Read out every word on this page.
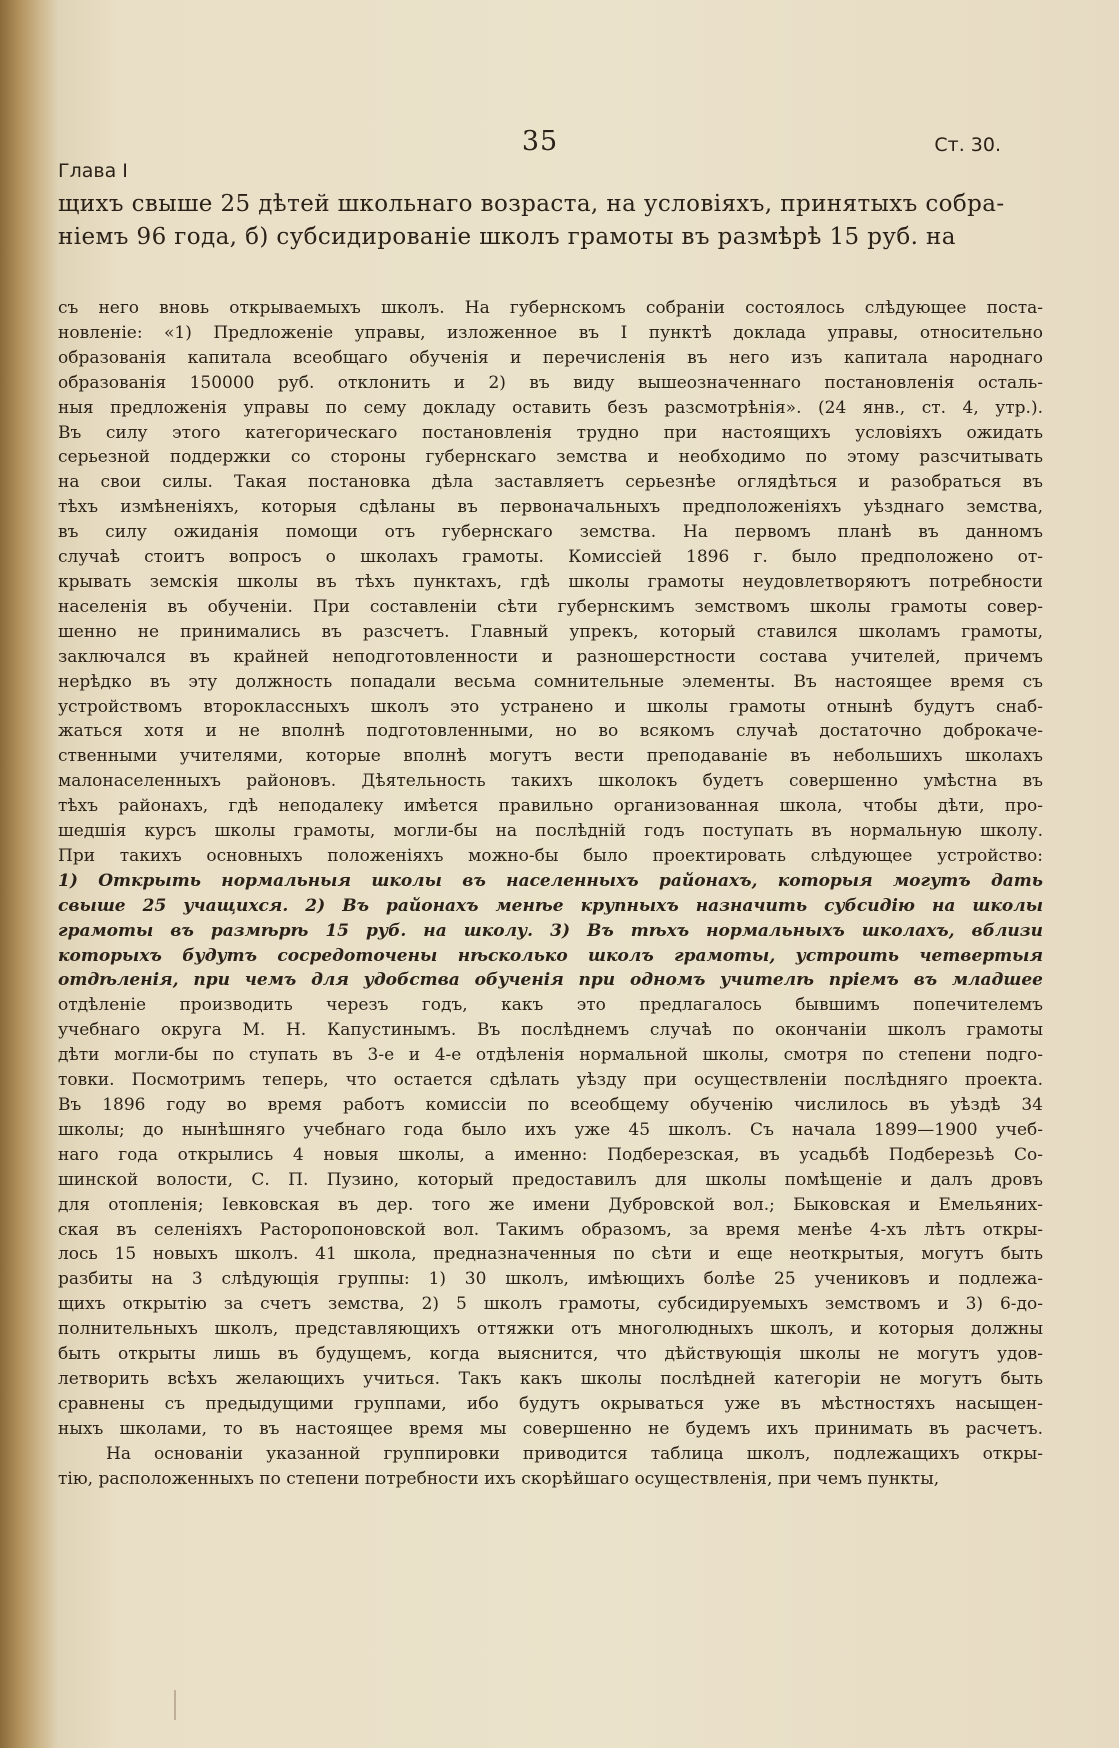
35	Ст. 30.
Глава I
щихъ свыше 25 дѣтей школьнаго возраста, на условіяхъ, принятыхъ собра-
ніемъ 96 года, б) субсидированіе школъ грамоты въ размѣрѣ 15 руб. на
съ него вновь открываемыхъ школъ. На губернскомъ собраніи состоялось слѣдующее поста-
новленіе: «1) Предложеніе управы, изложенное въ I пунктѣ доклада управы, относительно
образованія капитала всеобщаго обученія и перечисленія въ него изъ капитала народнаго
образованія 150000 руб. отклонить и 2) въ виду вышеозначеннаго постановленія осталь-
ныя предложенія управы по сему докладу оставить безъ разсмотрѣнія». (24 янв., ст. 4, утр.).
Въ силу этого категорическаго постановленія трудно при настоящихъ условіяхъ ожидать
серьезной поддержки со стороны губернскаго земства и необходимо по этому разсчитывать
на свои силы. Такая постановка дѣла заставляетъ серьезнѣе оглядѣться и разобраться въ
тѣхъ измѣненіяхъ, которыя сдѣланы въ первоначальныхъ предположеніяхъ уѣзднаго земства,
въ силу ожиданія помощи отъ губернскаго земства. На первомъ планѣ въ данномъ
случаѣ стоитъ вопросъ о школахъ грамоты. Комиссіей 1896 г. было предположено от-
крывать земскія школы въ тѣхъ пунктахъ, гдѣ школы грамоты неудовлетворяютъ потребности
населенія въ обученіи. При составленіи сѣти губернскимъ земствомъ школы грамоты совер-
шенно не принимались въ разсчетъ. Главный упрекъ, который ставился школамъ грамоты,
заключался въ крайней неподготовленности и разношерстности состава учителей, причемъ
нерѣдко въ эту должность попадали весьма сомнительные элементы. Въ настоящее время съ
устройствомъ второклассныхъ школъ это устранено и школы грамоты отнынѣ будутъ снаб-
жаться хотя и не вполнѣ подготовленными, но во всякомъ случаѣ достаточно доброкаче-
ственными учителями, которые вполнѣ могутъ вести преподаваніе въ небольшихъ школахъ
малонаселенныхъ районовъ. Дѣятельность такихъ школокъ будетъ совершенно умѣстна въ
тѣхъ районахъ, гдѣ неподалеку имѣется правильно организованная школа, чтобы дѣти, про-
шедшія курсъ школы грамоты, могли-бы на послѣдній годъ поступать въ нормальную школу.
При такихъ основныхъ положеніяхъ можно-бы было проектировать слѣдующее устройство:
1) Открыть нормальныя школы въ населенныхъ районахъ, которыя могутъ дать
свыше 25 учащихся. 2) Въ районахъ менѣе крупныхъ назначить субсидію на школы
грамоты въ размѣрѣ 15 руб. на школу. 3) Въ тѣхъ нормальныхъ школахъ, вблизи
которыхъ будутъ сосредоточены нѣсколько школъ грамоты, устроить четвертыя
отдѣленія, при чемъ для удобства обученія при одномъ учителѣ пріемъ въ младшее
отдѣленіе производить черезъ годъ, какъ это предлагалось бывшимъ попечителемъ
учебнаго округа М. Н. Капустинымъ. Въ послѣднемъ случаѣ по окончаніи школъ грамоты
дѣти могли-бы по ступать въ 3-е и 4-е отдѣленія нормальной школы, смотря по степени подго-
товки. Посмотримъ теперь, что остается сдѣлать уѣзду при осуществленіи послѣдняго проекта.
Въ 1896 году во время работъ комиссіи по всеобщему обученію числилось въ уѣздѣ 34
школы; до нынѣшняго учебнаго года было ихъ уже 45 школъ. Съ начала 1899—1900 учеб-
наго года открылись 4 новыя школы, а именно: Подберезская, въ усадьбѣ Подберезьѣ Со-
шинской волости, С. П. Пузино, который предоставилъ для школы помѣщеніе и далъ дровъ
для отопленія; Іевковская въ дер. того же имени Дубровской вол.; Быковская и Емельяних-
ская въ селеніяхъ Расторопоновской вол. Такимъ образомъ, за время менѣе 4-хъ лѣтъ откры-
лось 15 новыхъ школъ. 41 школа, предназначенныя по сѣти и еще неоткрытыя, могутъ быть
разбиты на 3 слѣдующія группы: 1) 30 школъ, имѣющихъ болѣе 25 учениковъ и подлежа-
щихъ открытію за счетъ земства, 2) 5 школъ грамоты, субсидируемыхъ земствомъ и 3) 6-до-
полнительныхъ школъ, представляющихъ оттяжки отъ многолюдныхъ школъ, и которыя должны
быть открыты лишь въ будущемъ, когда выяснится, что дѣйствующія школы не могутъ удов-
летворить всѣхъ желающихъ учиться. Такъ какъ школы послѣдней категоріи не могутъ быть
сравнены съ предыдущими группами, ибо будутъ окрываться уже въ мѣстностяхъ насыщен-
ныхъ школами, то въ настоящее время мы совершенно не будемъ ихъ принимать въ расчетъ.
На основаніи указанной группировки приводится таблица школъ, подлежащихъ откры-
тію, расположенныхъ по степени потребности ихъ скорѣйшаго осуществленія, при чемъ пункты,
